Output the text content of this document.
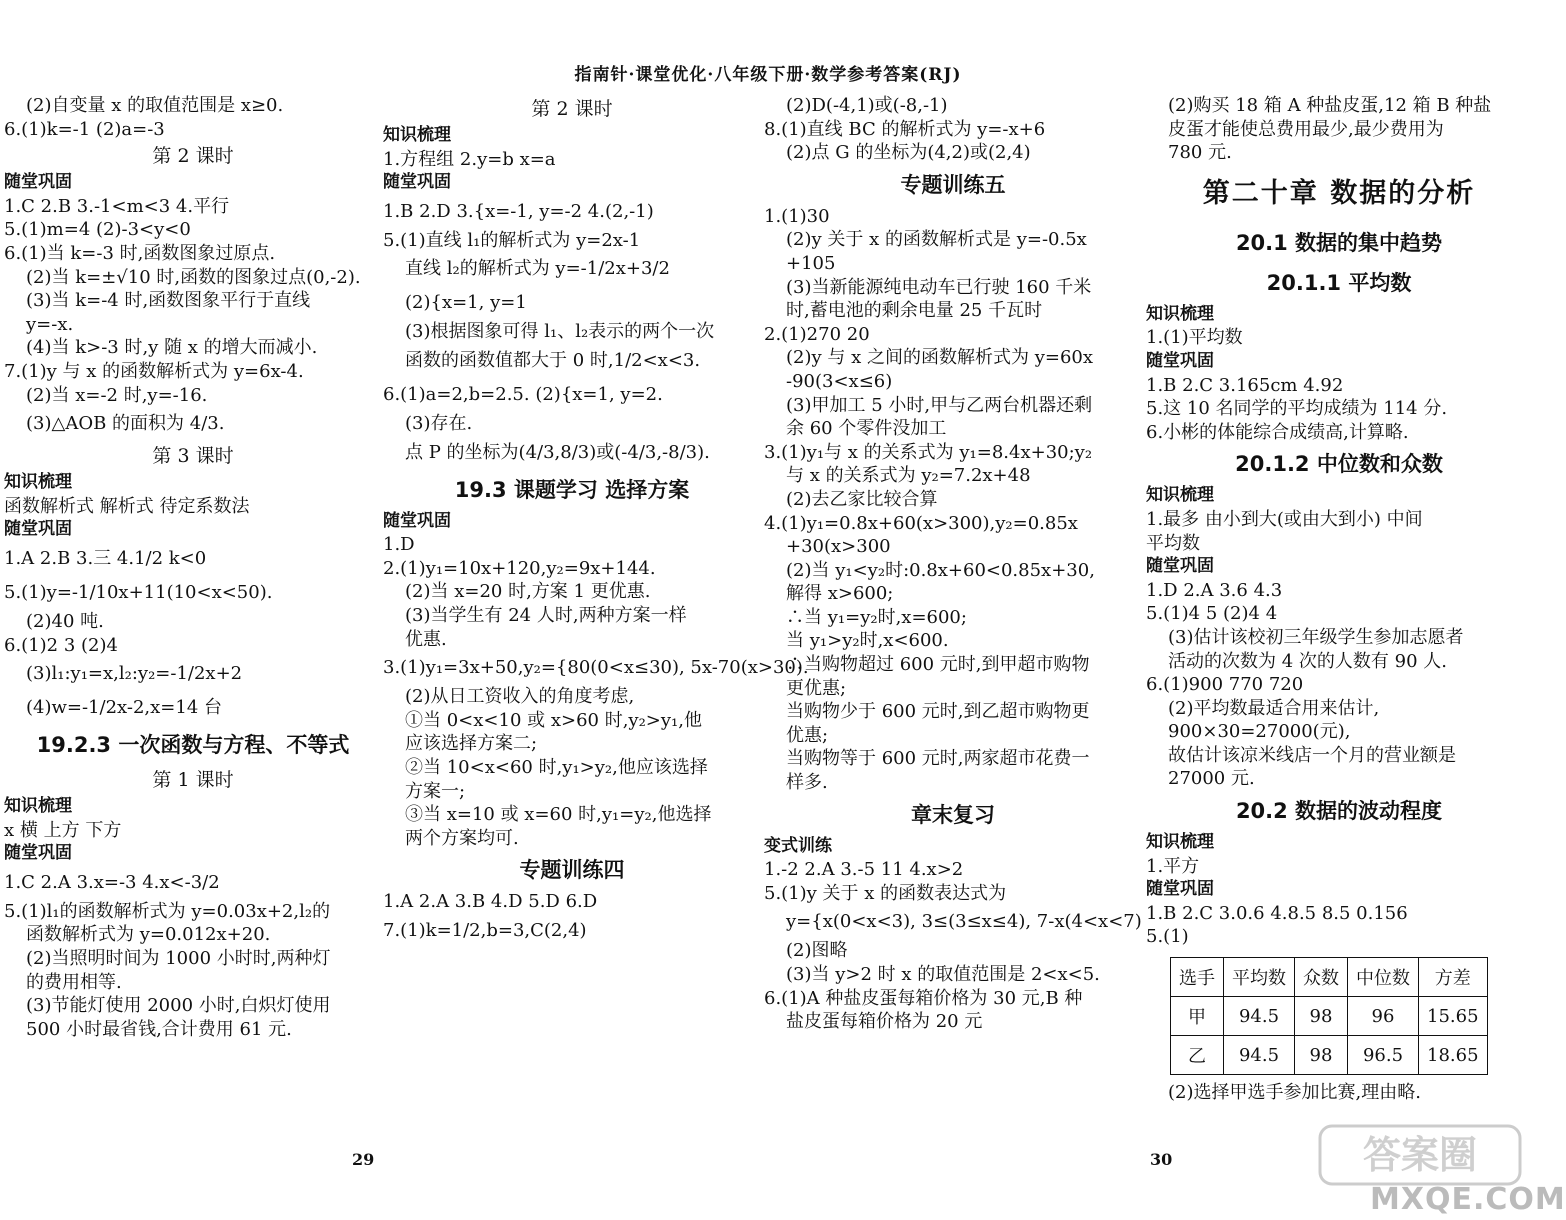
指南针·课堂优化·八年级下册·数学参考答案(RJ)
(2)自变量 x 的取值范围是 x≥0.
6.(1)k=-1 (2)a=-3
第 2 课时
随堂巩固
1.C 2.B 3.-1<m<3 4.平行
5.(1)m=4 (2)-3<y<0
6.(1)当 k=-3 时,函数图象过原点.
(2)当 k=±√10 时,函数的图象过点(0,-2).
(3)当 k=-4 时,函数图象平行于直线
y=-x.
(4)当 k>-3 时,y 随 x 的增大而减小.
7.(1)y 与 x 的函数解析式为 y=6x-4.
(2)当 x=-2 时,y=-16.
(3)△AOB 的面积为 4/3.
第 3 课时
知识梳理
函数解析式 解析式 待定系数法
随堂巩固
1.A 2.B 3.三 4.1/2 k<0
5.(1)y=-1/10x+11(10<x<50).
(2)40 吨.
6.(1)2 3 (2)4
(3)l₁:y₁=x,l₂:y₂=-1/2x+2
(4)w=-1/2x-2,x=14 台
19.2.3 一次函数与方程、不等式
第 1 课时
知识梳理
x 横 上方 下方
随堂巩固
1.C 2.A 3.x=-3 4.x<-3/2
5.(1)l₁的函数解析式为 y=0.03x+2,l₂的
函数解析式为 y=0.012x+20.
(2)当照明时间为 1000 小时时,两种灯
的费用相等.
(3)节能灯使用 2000 小时,白炽灯使用
500 小时最省钱,合计费用 61 元.
第 2 课时
知识梳理
1.方程组 2.y=b x=a
随堂巩固
1.B 2.D 3.{x=-1, y=-2 4.(2,-1)
5.(1)直线 l₁的解析式为 y=2x-1
直线 l₂的解析式为 y=-1/2x+3/2
(2){x=1, y=1
(3)根据图象可得 l₁、l₂表示的两个一次
函数的函数值都大于 0 时,1/2<x<3.
6.(1)a=2,b=2.5. (2){x=1, y=2.
(3)存在.
点 P 的坐标为(4/3,8/3)或(-4/3,-8/3).
19.3 课题学习 选择方案
随堂巩固
1.D
2.(1)y₁=10x+120,y₂=9x+144.
(2)当 x=20 时,方案 1 更优惠.
(3)当学生有 24 人时,两种方案一样
优惠.
3.(1)y₁=3x+50,y₂={80(0<x≤30), 5x-70(x>30).
(2)从日工资收入的角度考虑,
①当 0<x<10 或 x>60 时,y₂>y₁,他
应该选择方案二;
②当 10<x<60 时,y₁>y₂,他应该选择
方案一;
③当 x=10 或 x=60 时,y₁=y₂,他选择
两个方案均可.
专题训练四
1.A 2.A 3.B 4.D 5.D 6.D
7.(1)k=1/2,b=3,C(2,4)
(2)D(-4,1)或(-8,-1)
8.(1)直线 BC 的解析式为 y=-x+6
(2)点 G 的坐标为(4,2)或(2,4)
专题训练五
1.(1)30
(2)y 关于 x 的函数解析式是 y=-0.5x
+105
(3)当新能源纯电动车已行驶 160 千米
时,蓄电池的剩余电量 25 千瓦时
2.(1)270 20
(2)y 与 x 之间的函数解析式为 y=60x
-90(3<x≤6)
(3)甲加工 5 小时,甲与乙两台机器还剩
余 60 个零件没加工
3.(1)y₁与 x 的关系式为 y₁=8.4x+30;y₂
与 x 的关系式为 y₂=7.2x+48
(2)去乙家比较合算
4.(1)y₁=0.8x+60(x>300),y₂=0.85x
+30(x>300
(2)当 y₁<y₂时:0.8x+60<0.85x+30,
解得 x>600;
∴当 y₁=y₂时,x=600;
当 y₁>y₂时,x<600.
∴当购物超过 600 元时,到甲超市购物
更优惠;
当购物少于 600 元时,到乙超市购物更
优惠;
当购物等于 600 元时,两家超市花费一
样多.
章末复习
变式训练
1.-2 2.A 3.-5 11 4.x>2
5.(1)y 关于 x 的函数表达式为
y={x(0<x<3), 3≤(3≤x≤4), 7-x(4<x<7)
(2)图略
(3)当 y>2 时 x 的取值范围是 2<x<5.
6.(1)A 种盐皮蛋每箱价格为 30 元,B 种
盐皮蛋每箱价格为 20 元
(2)购买 18 箱 A 种盐皮蛋,12 箱 B 种盐
皮蛋才能使总费用最少,最少费用为
780 元.
第二十章 数据的分析
20.1 数据的集中趋势
20.1.1 平均数
知识梳理
1.(1)平均数
随堂巩固
1.B 2.C 3.165cm 4.92
5.这 10 名同学的平均成绩为 114 分.
6.小彬的体能综合成绩高,计算略.
20.1.2 中位数和众数
知识梳理
1.最多 由小到大(或由大到小) 中间
平均数
随堂巩固
1.D 2.A 3.6 4.3
5.(1)4 5 (2)4 4
(3)估计该校初三年级学生参加志愿者
活动的次数为 4 次的人数有 90 人.
6.(1)900 770 720
(2)平均数最适合用来估计,
900×30=27000(元),
故估计该凉米线店一个月的营业额是
27000 元.
20.2 数据的波动程度
知识梳理
1.平方
随堂巩固
1.B 2.C 3.0.6 4.8.5 8.5 0.156
5.(1)
选手	平均数	众数	中位数	方差
甲	94.5	98	96	15.65
乙	94.5	98	96.5	18.65
(2)选择甲选手参加比赛,理由略.
29	30	答案圈
MXQE.COM
